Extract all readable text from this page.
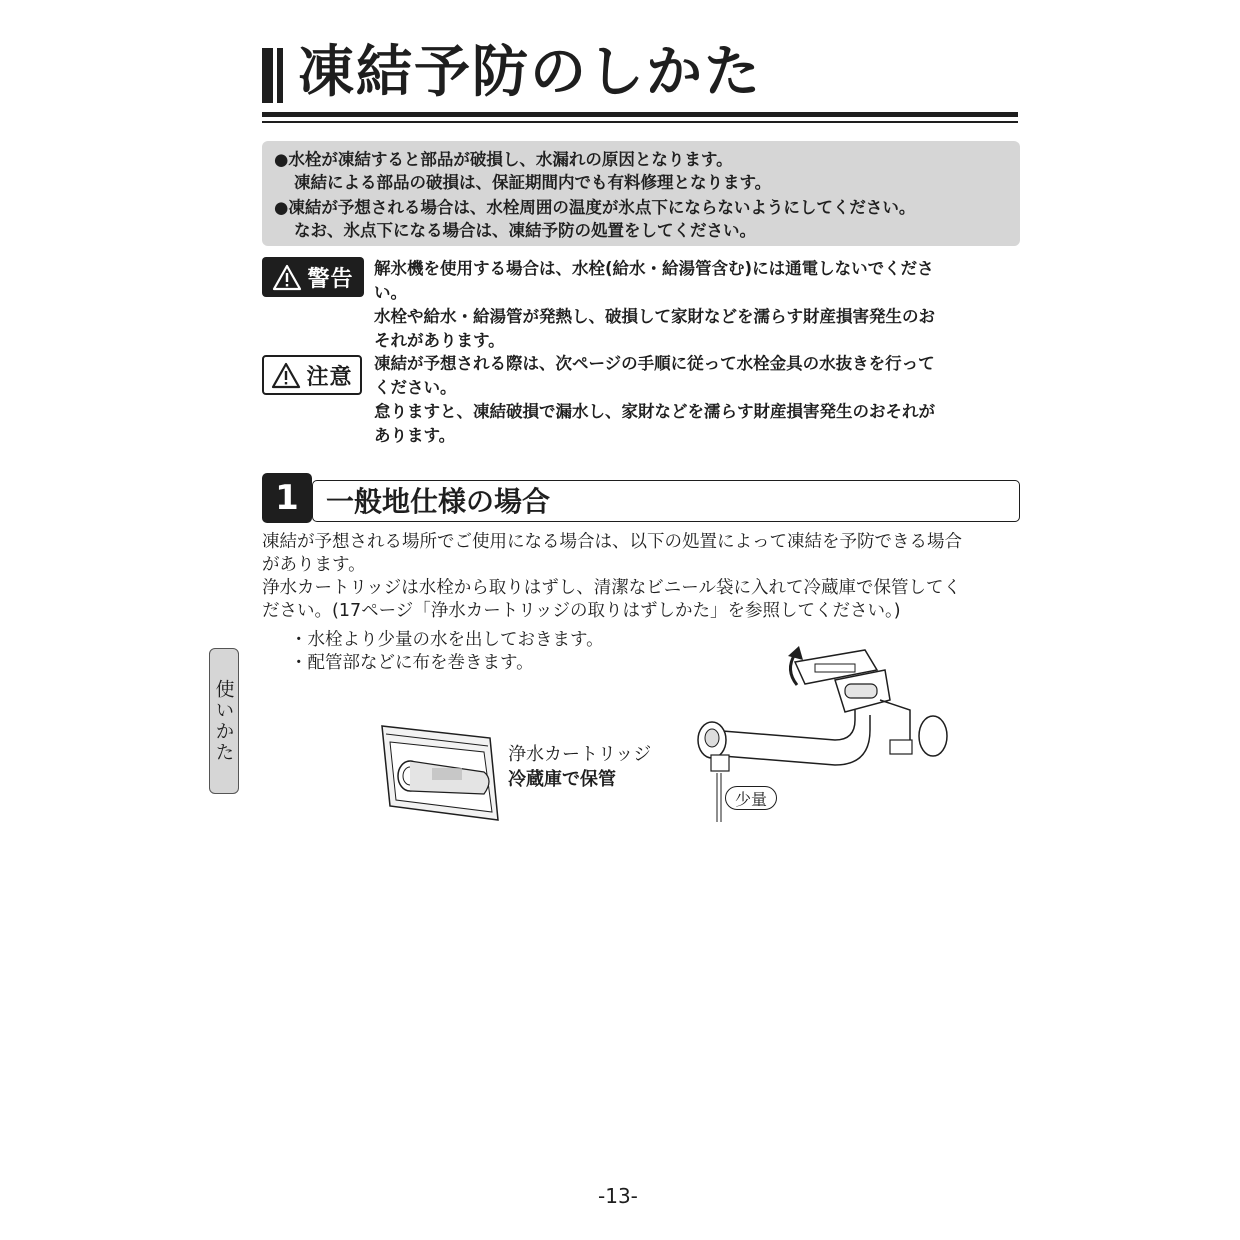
凍結予防のしかた
●水栓が凍結すると部品が破損し、水漏れの原因となります。
凍結による部品の破損は、保証期間内でも有料修理となります。
●凍結が予想される場合は、水栓周囲の温度が氷点下にならないようにしてください。
なお、氷点下になる場合は、凍結予防の処置をしてください。
警告 解氷機を使用する場合は、水栓(給水・給湯管含む)には通電しないでくださ
い。
水栓や給水・給湯管が発熱し、破損して家財などを濡らす財産損害発生のお
それがあります。
注意
凍結が予想される際は、次ページの手順に従って水栓金具の水抜きを行って
ください。
怠りますと、凍結破損で漏水し、家財などを濡らす財産損害発生のおそれが
あります。
1 一般地仕様の場合
凍結が予想される場所でご使用になる場合は、以下の処置によって凍結を予防できる場合
があります。
浄水カートリッジは水栓から取りはずし、清潔なビニール袋に入れて冷蔵庫で保管してく
ださい。(17ページ「浄水カートリッジの取りはずしかた」を参照してください。)
・水栓より少量の水を出しておきます。
・配管部などに布を巻きます。
使いかた	浄水カートリッジ
冷蔵庫で保管
少量
-13-
